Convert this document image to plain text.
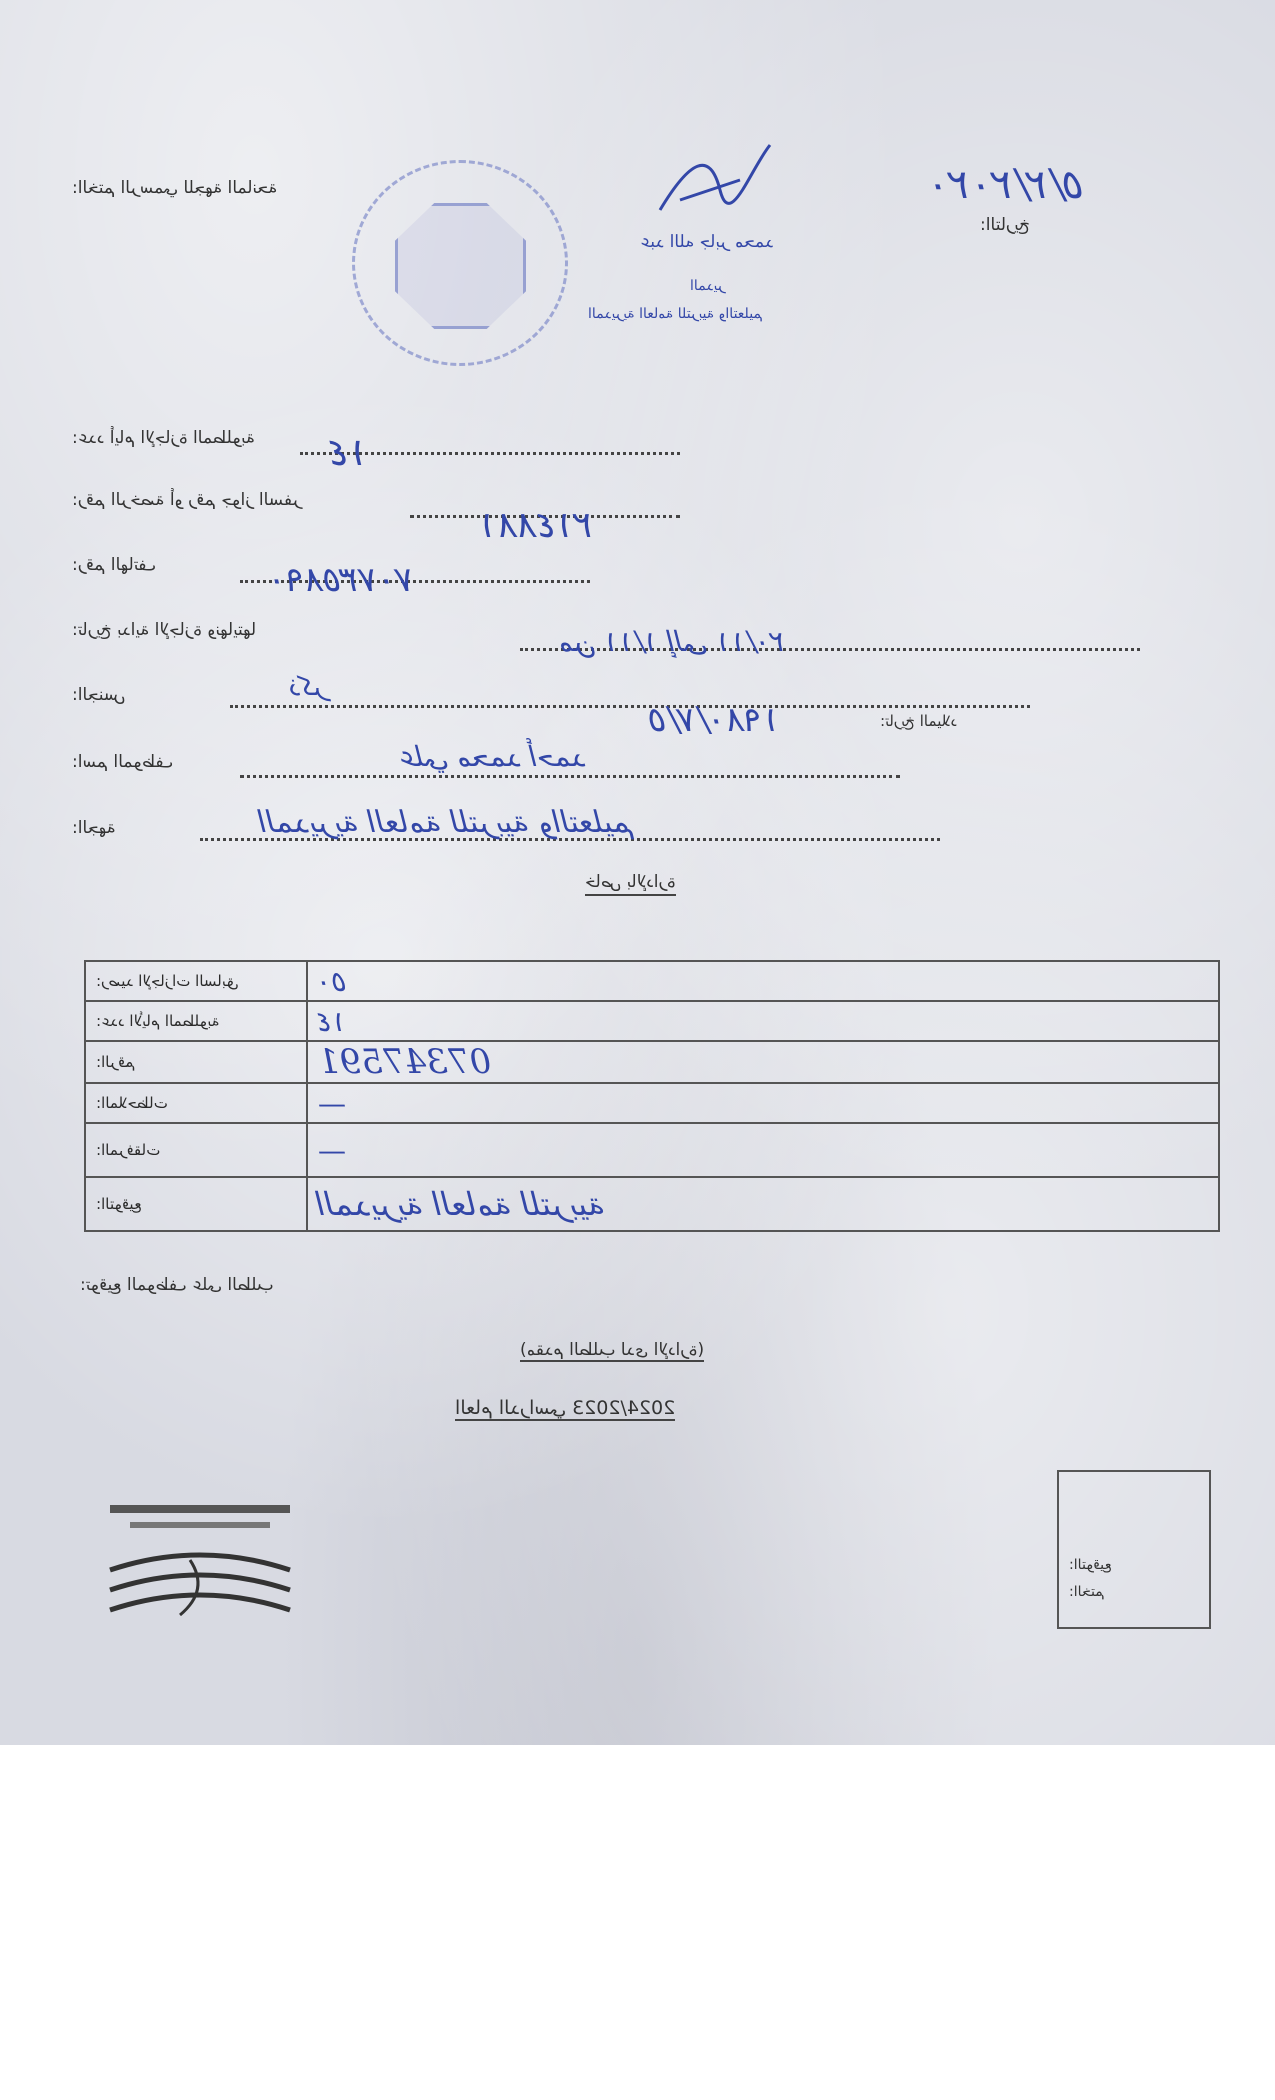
التاريخ:
٥/٢/٢٠٢٠
الختم الرسمي للجهة المانحة:
عبد الله جابر محمد
المدير
المديرية العامة للتربية والتعليم
عدد أيام الإجازة المطلوبة:	١٤
رقم الرخصة أو رقم جواز السفر:
٢١٤٨٨١
رقم الهاتف:	٧٠٧٣٥٨٩٠
تاريخ بداية الإجازة ونهايتها:	من ١/١١ إلى ٢٠/١١
الجنس:	ذكر
١٩٨٠/٧/٥	تاريخ الميلاد:
اسم الموظف:	علي محمد أحمد
الجهة:	المديرية العامة للتربية والتعليم
خاص بالإدارة
رصيد الإجازات السابق:	٥٠
عدد الأيام المطلوبة:	١٤
الرقم:	07347591
الملاحظات:	—
المرفقات:	—
التوقيع:	المديرية العامة للتربية
توقيع الموظف على الطلب:
(مقدم الطلب لدى الإدارة)
2024/2023 العام الدراسي
التوقيع:
الختم:
